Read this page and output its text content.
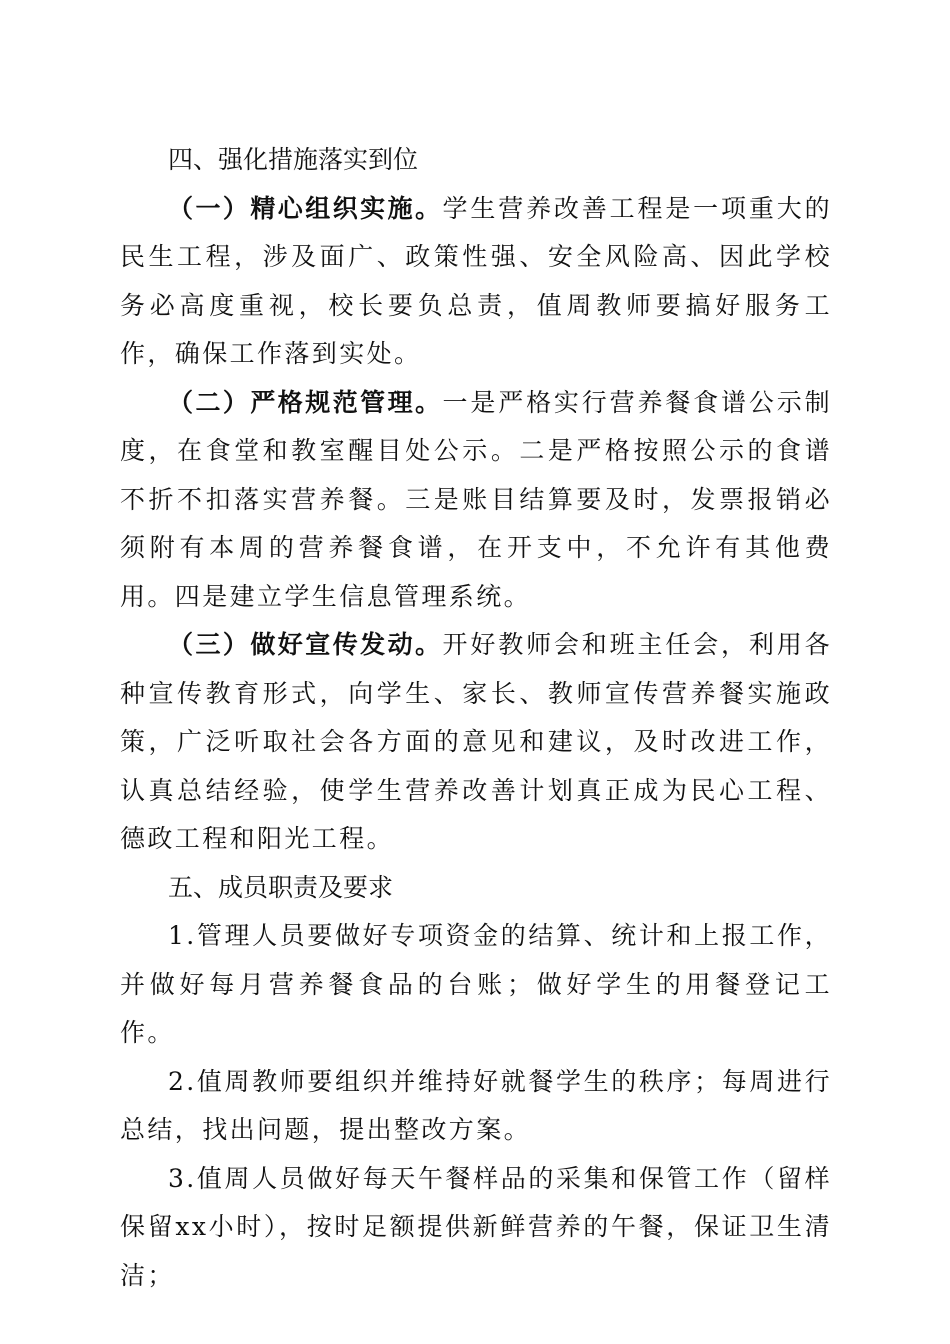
四、强化措施落实到位

（一）精心组织实施。学生营养改善工程是一项重大的民生工程，涉及面广、政策性强、安全风险高、因此学校务必高度重视，校长要负总责，值周教师要搞好服务工作，确保工作落到实处。

（二）严格规范管理。一是严格实行营养餐食谱公示制度，在食堂和教室醒目处公示。二是严格按照公示的食谱不折不扣落实营养餐。三是账目结算要及时，发票报销必须附有本周的营养餐食谱，在开支中，不允许有其他费用。四是建立学生信息管理系统。

（三）做好宣传发动。开好教师会和班主任会，利用各种宣传教育形式，向学生、家长、教师宣传营养餐实施政策，广泛听取社会各方面的意见和建议，及时改进工作，认真总结经验，使学生营养改善计划真正成为民心工程、德政工程和阳光工程。

五、成员职责及要求

1.管理人员要做好专项资金的结算、统计和上报工作，并做好每月营养餐食品的台账；做好学生的用餐登记工作。

2.值周教师要组织并维持好就餐学生的秩序；每周进行总结，找出问题，提出整改方案。

3.值周人员做好每天午餐样品的采集和保管工作（留样保留xx小时），按时足额提供新鲜营养的午餐，保证卫生清洁；
